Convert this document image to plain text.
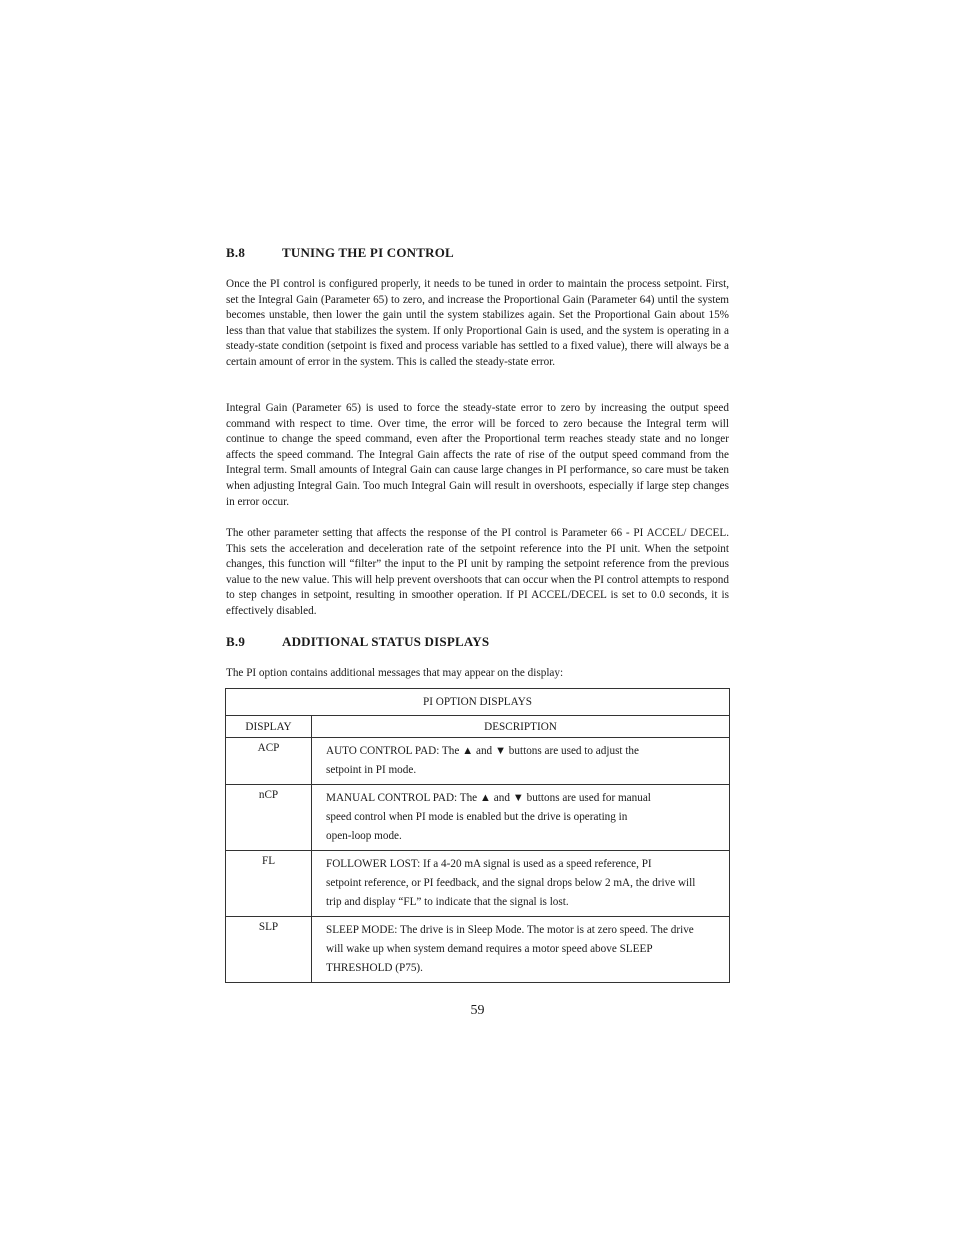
B.8	TUNING THE PI CONTROL

Once the PI control is configured properly, it needs to be tuned in order to maintain the process setpoint. First, set the Integral Gain (Parameter 65) to zero, and increase the Proportional Gain (Parameter 64) until the system becomes unstable, then lower the gain until the system stabilizes again. Set the Proportional Gain about 15% less than that value that stabilizes the system. If only Proportional Gain is used, and the system is operating in a steady-state condition (setpoint is fixed and process variable has settled to a fixed value), there will always be a certain amount of error in the system. This is called the steady-state error.

Integral Gain (Parameter 65) is used to force the steady-state error to zero by increasing the output speed command with respect to time. Over time, the error will be forced to zero because the Integral term will continue to change the speed command, even after the Proportional term reaches steady state and no longer affects the speed command. The Integral Gain affects the rate of rise of the output speed command from the Integral term. Small amounts of Integral Gain can cause large changes in PI performance, so care must be taken when adjusting Integral Gain. Too much Integral Gain will result in overshoots, especially if large step changes in error occur.

The other parameter setting that affects the response of the PI control is Parameter 66 - PI ACCEL/ DECEL. This sets the acceleration and deceleration rate of the setpoint reference into the PI unit. When the setpoint changes, this function will “filter” the input to the PI unit by ramping the setpoint reference from the previous value to the new value. This will help prevent overshoots that can occur when the PI control attempts to respond to step changes in setpoint, resulting in smoother operation. If PI ACCEL/DECEL is set to 0.0 seconds, it is effectively disabled.

B.9	ADDITIONAL STATUS DISPLAYS

The PI option contains additional messages that may appear on the display:

PI OPTION DISPLAYS	
DISPLAY	DESCRIPTION
ACP	AUTO CONTROL PAD: The ▲ and ▼ buttons are used to adjust the
setpoint in PI mode.

nCP	MANUAL CONTROL PAD: The ▲ and ▼ buttons are used for manual
speed control when PI mode is enabled but the drive is operating in
open-loop mode.

FL	FOLLOWER LOST: If a 4-20 mA signal is used as a speed reference, PI
setpoint reference, or PI feedback, and the signal drops below 2 mA, the drive will
trip and display “FL” to indicate that the signal is lost.

SLP	SLEEP MODE: The drive is in Sleep Mode. The motor is at zero speed. The drive
will wake up when system demand requires a motor speed above SLEEP
THRESHOLD (P75).
59
